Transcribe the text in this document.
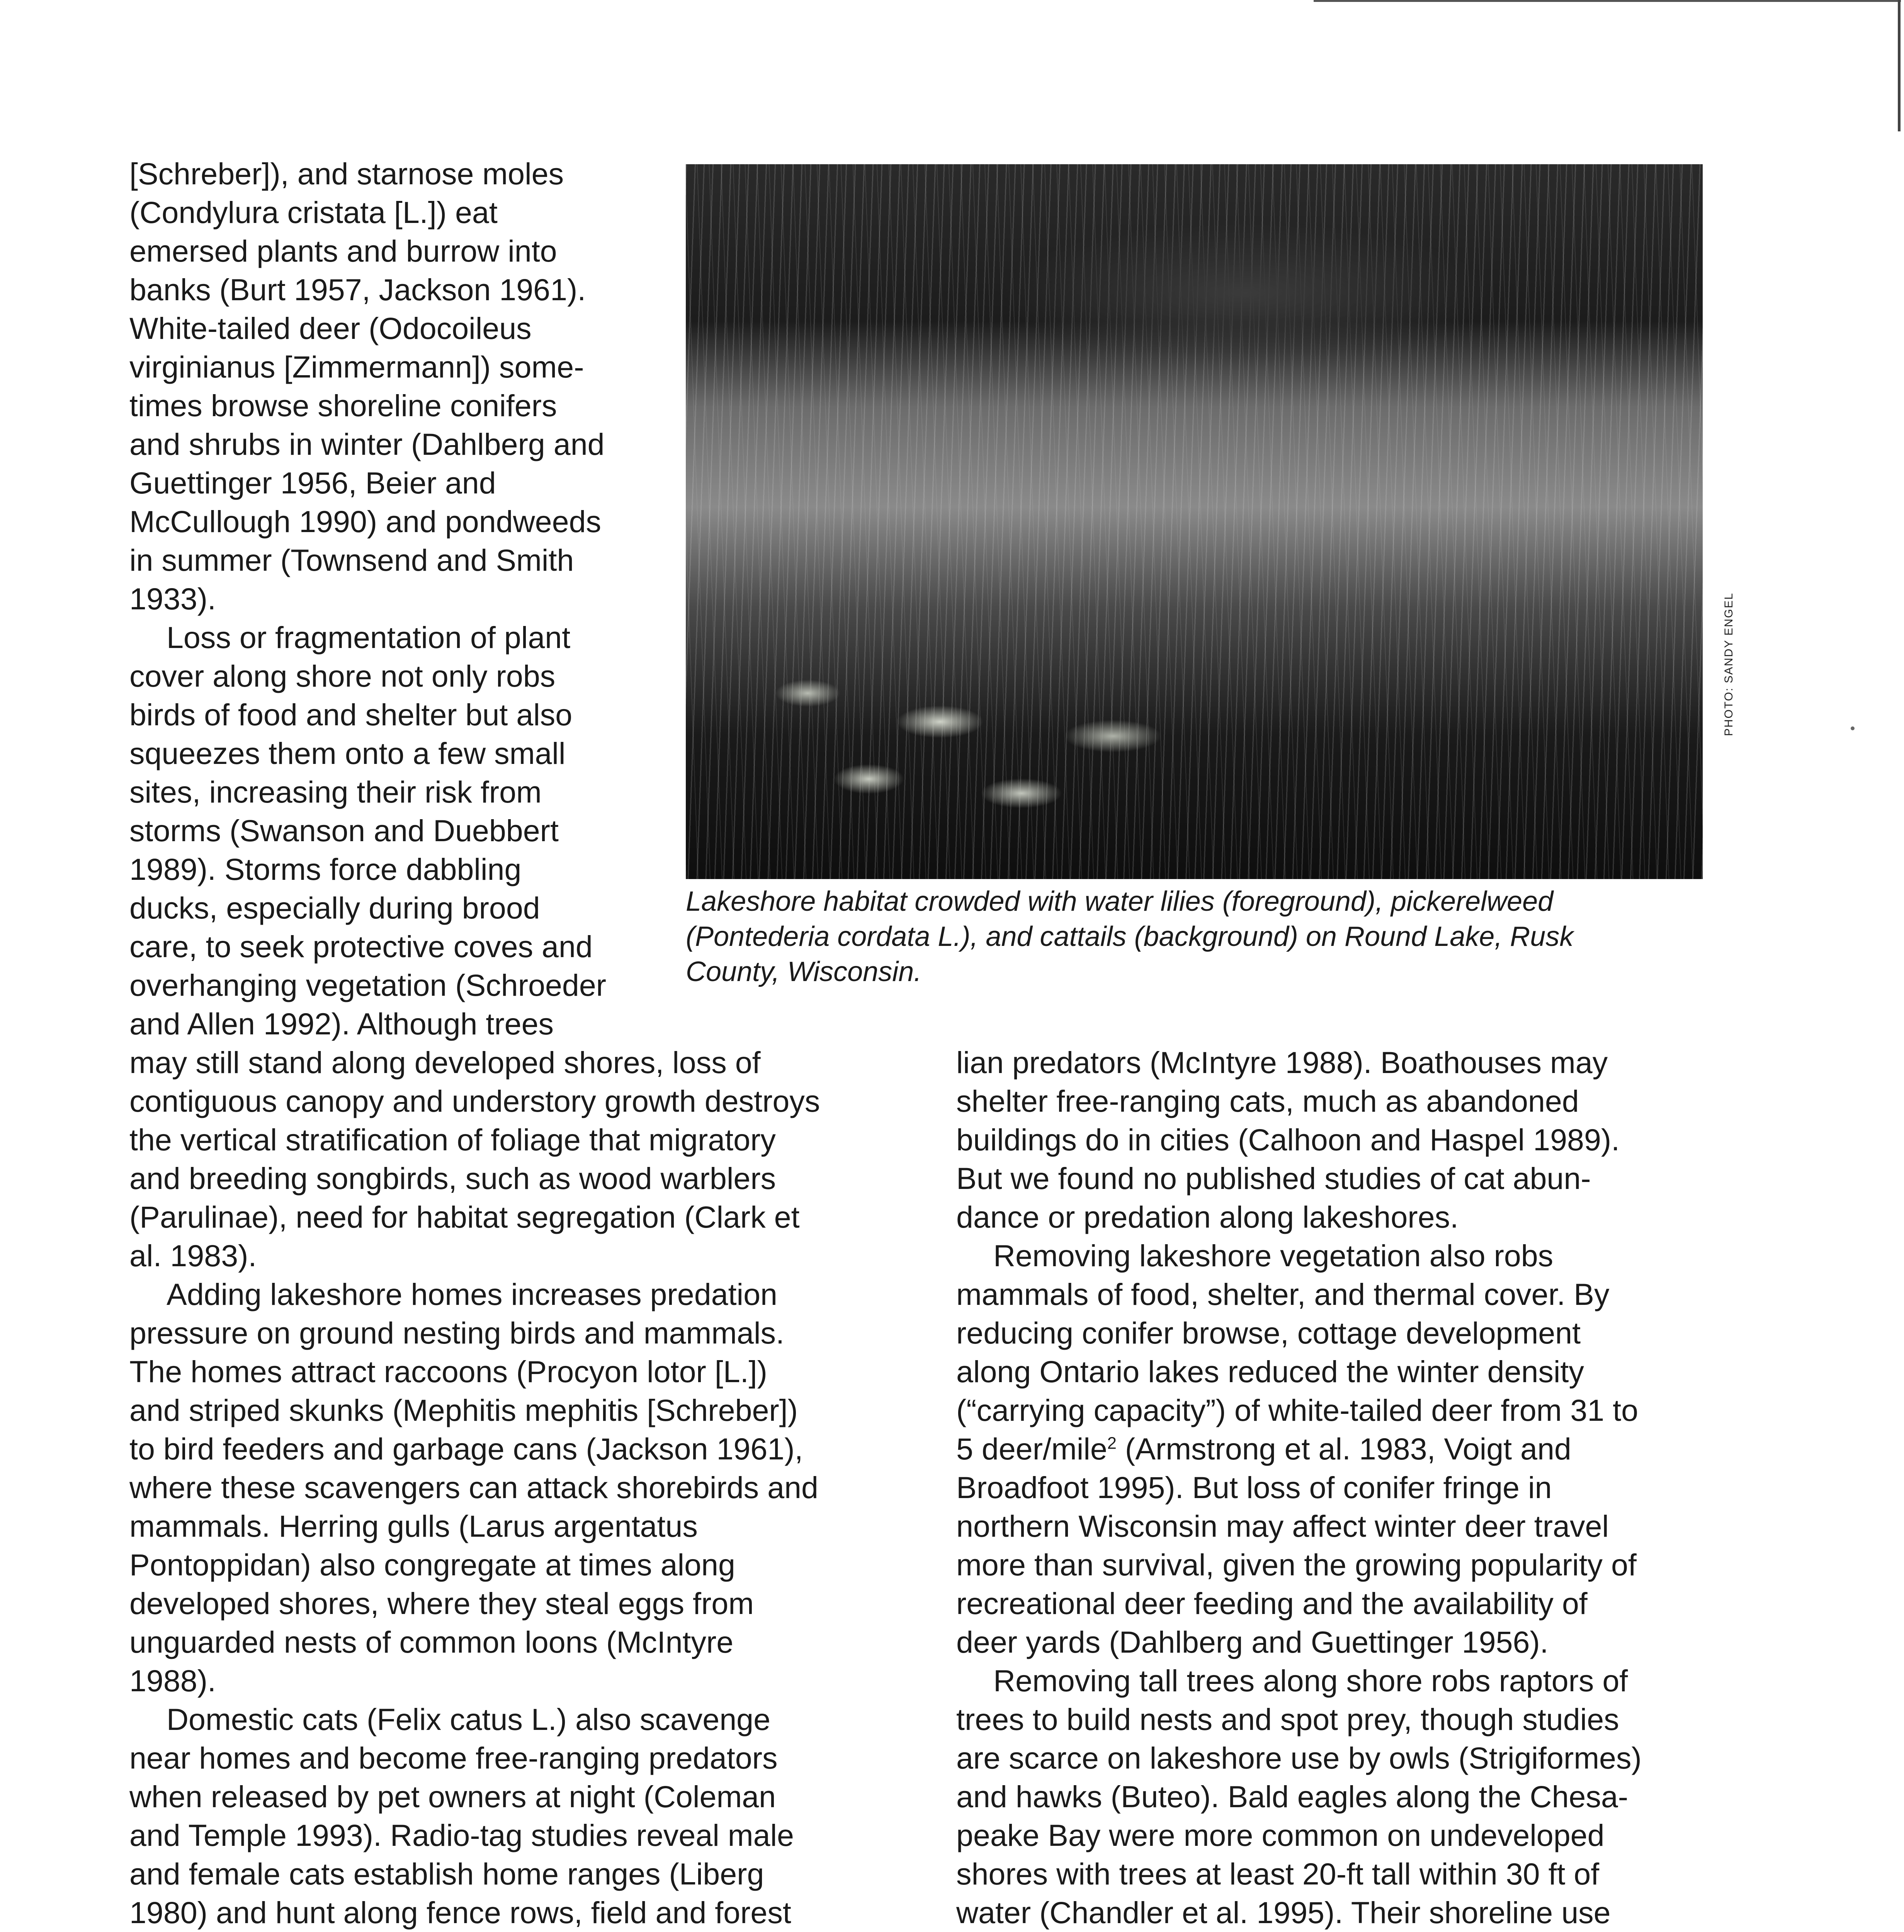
PHOTO: SANDY ENGEL
Lakeshore habitat crowded with water lilies (foreground), pickerelweed
(Pontederia cordata L.), and cattails (background) on Round Lake, Rusk
County, Wisconsin.
[Schreber]), and starnose moles
(Condylura cristata [L.]) eat
emersed plants and burrow into
banks (Burt 1957, Jackson 1961).
White-tailed deer (Odocoileus
virginianus [Zimmermann]) some-
times browse shoreline conifers
and shrubs in winter (Dahlberg and
Guettinger 1956, Beier and
McCullough 1990) and pondweeds
in summer (Townsend and Smith
1933).
Loss or fragmentation of plant
cover along shore not only robs
birds of food and shelter but also
squeezes them onto a few small
sites, increasing their risk from
storms (Swanson and Duebbert
1989). Storms force dabbling
ducks, especially during brood
care, to seek protective coves and
overhanging vegetation (Schroeder
and Allen 1992). Although trees
may still stand along developed shores, loss of
contiguous canopy and understory growth destroys
the vertical stratification of foliage that migratory
and breeding songbirds, such as wood warblers
(Parulinae), need for habitat segregation (Clark et
al. 1983).
Adding lakeshore homes increases predation
pressure on ground nesting birds and mammals.
The homes attract raccoons (Procyon lotor [L.])
and striped skunks (Mephitis mephitis [Schreber])
to bird feeders and garbage cans (Jackson 1961),
where these scavengers can attack shorebirds and
mammals. Herring gulls (Larus argentatus
Pontoppidan) also congregate at times along
developed shores, where they steal eggs from
unguarded nests of common loons (McIntyre
1988).
Domestic cats (Felix catus L.) also scavenge
near homes and become free-ranging predators
when released by pet owners at night (Coleman
and Temple 1993). Radio-tag studies reveal male
and female cats establish home ranges (Liberg
1980) and hunt along fence rows, field and forest
lian predators (McIntyre 1988). Boathouses may
shelter free-ranging cats, much as abandoned
buildings do in cities (Calhoon and Haspel 1989).
But we found no published studies of cat abun-
dance or predation along lakeshores.
Removing lakeshore vegetation also robs
mammals of food, shelter, and thermal cover. By
reducing conifer browse, cottage development
along Ontario lakes reduced the winter density
(“carrying capacity”) of white-tailed deer from 31 to
5 deer/mile$^2$ (Armstrong et al. 1983, Voigt and
Broadfoot 1995). But loss of conifer fringe in
northern Wisconsin may affect winter deer travel
more than survival, given the growing popularity of
recreational deer feeding and the availability of
deer yards (Dahlberg and Guettinger 1956).
Removing tall trees along shore robs raptors of
trees to build nests and spot prey, though studies
are scarce on lakeshore use by owls (Strigiformes)
and hawks (Buteo). Bald eagles along the Chesa-
peake Bay were more common on undeveloped
shores with trees at least 20-ft tall within 30 ft of
water (Chandler et al. 1995). Their shoreline use
